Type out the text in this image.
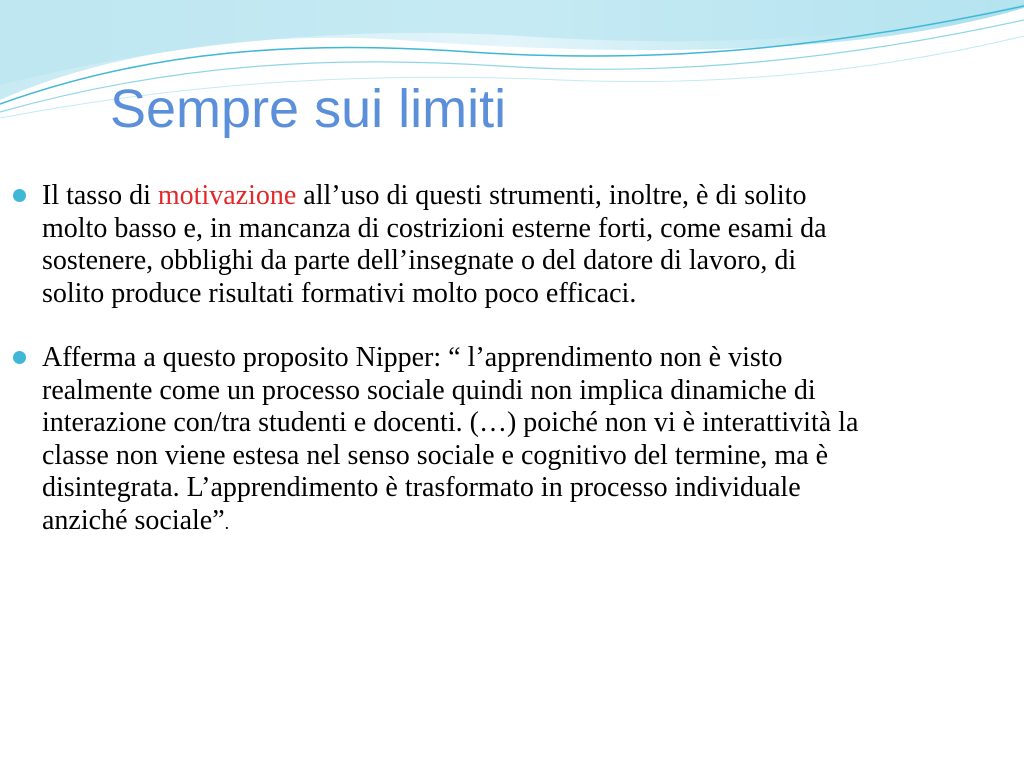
Sempre sui limiti
Il tasso di motivazione all’uso di questi strumenti, inoltre, è di solito molto basso e, in mancanza di costrizioni esterne forti, come esami da sostenere, obblighi da parte dell’insegnate o del datore di lavoro, di solito produce risultati formativi molto poco efficaci.
Afferma a questo proposito Nipper: “ l’apprendimento non è visto realmente come un processo sociale quindi non implica dinamiche di interazione con/tra studenti e docenti. (…) poiché non vi è interattività la classe non viene estesa nel senso sociale e cognitivo del termine, ma è disintegrata. L’apprendimento è trasformato in processo individuale anziché sociale”.
